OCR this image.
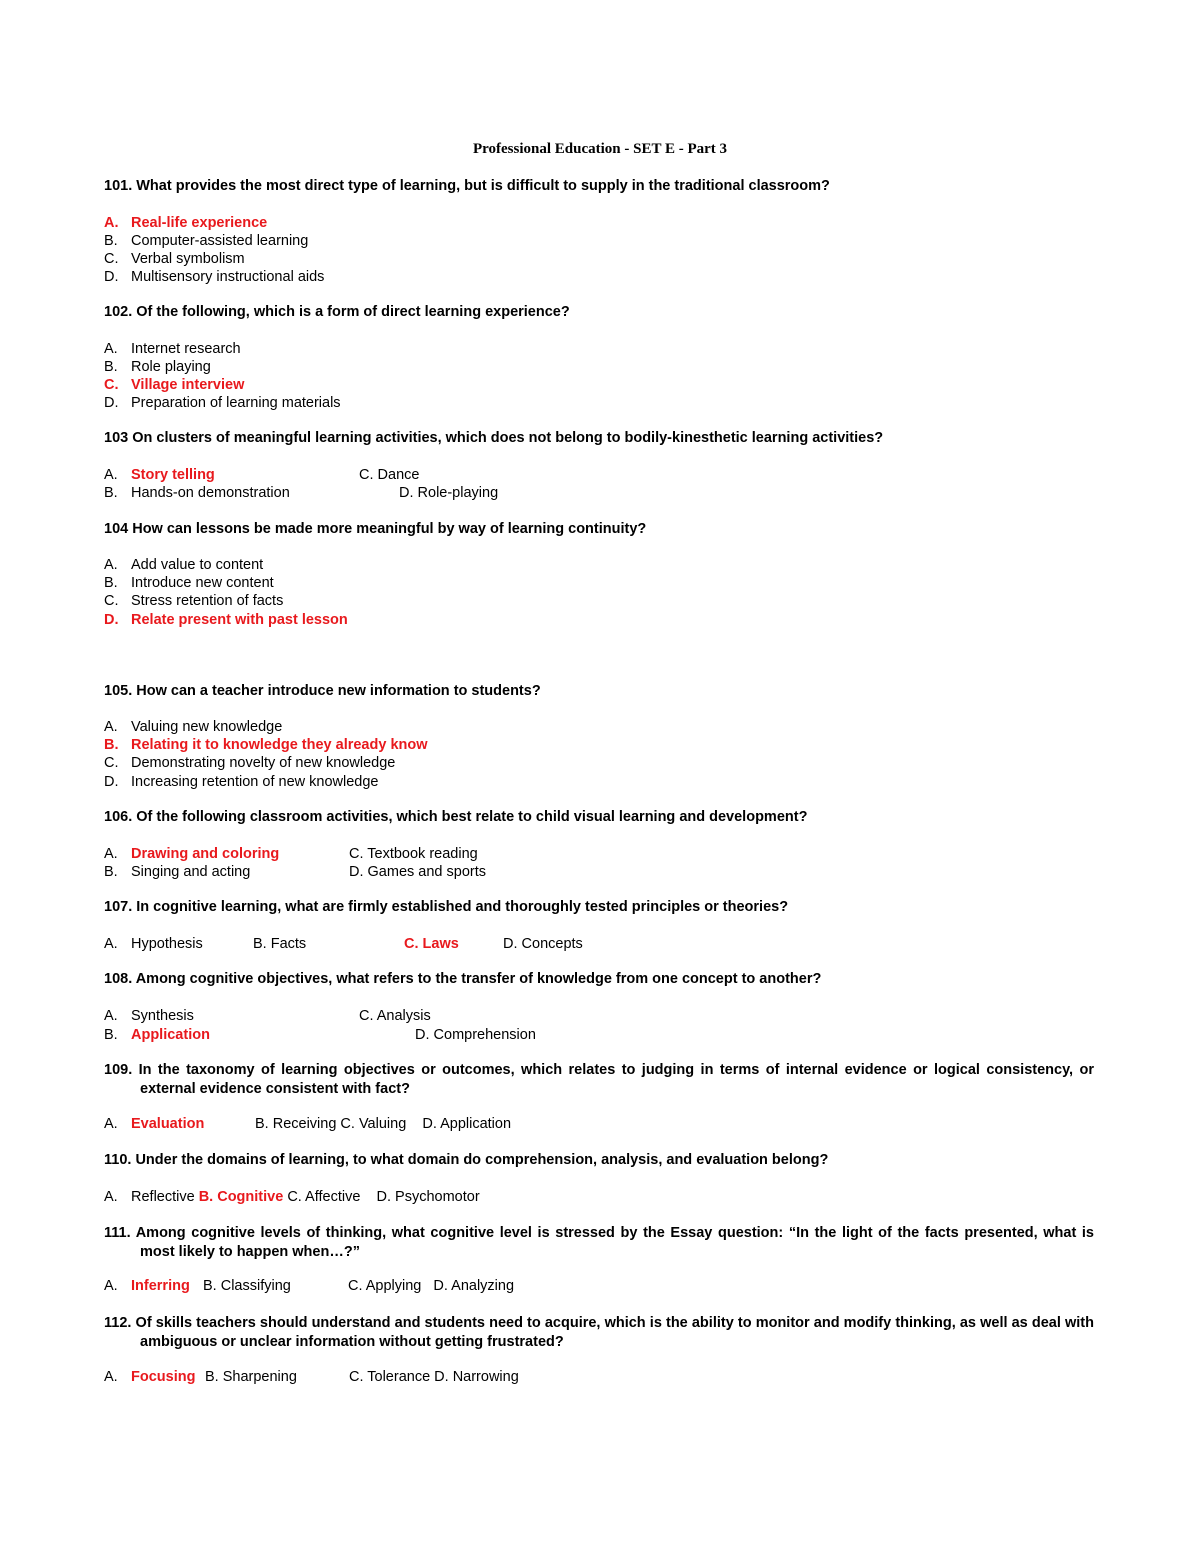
Professional Education - SET E - Part 3
101. What provides the most direct type of learning, but is difficult to supply in the traditional classroom?
A. Real-life experience
B. Computer-assisted learning
C. Verbal symbolism
D. Multisensory instructional aids
102. Of the following, which is a form of direct learning experience?
A. Internet research
B. Role playing
C. Village interview
D. Preparation of learning materials
103 On clusters of meaningful learning activities, which does not belong to bodily-kinesthetic learning activities?
A. Story telling	C. Dance
B. Hands-on demonstration	D. Role-playing
104 How can lessons be made more meaningful by way of learning continuity?
A. Add value to content
B. Introduce new content
C. Stress retention of facts
D. Relate present with past lesson
105. How can a teacher introduce new information to students?
A. Valuing new knowledge
B. Relating it to knowledge they already know
C. Demonstrating novelty of new knowledge
D. Increasing retention of new knowledge
106. Of the following classroom activities, which best relate to child visual learning and development?
A. Drawing and coloring	C. Textbook reading
B. Singing and acting	D. Games and sports
107. In cognitive learning, what are firmly established and thoroughly tested principles or theories?
A. Hypothesis	B. Facts	C. Laws	D. Concepts
108. Among cognitive objectives, what refers to the transfer of knowledge from one concept to another?
A. Synthesis	C. Analysis
B. Application	D. Comprehension
109. In the taxonomy of learning objectives or outcomes, which relates to judging in terms of internal evidence or logical consistency, or external evidence consistent with fact?
A. Evaluation	B. Receiving C. Valuing    D. Application
110. Under the domains of learning, to what domain do comprehension, analysis, and evaluation belong?
A. Reflective B. Cognitive C. Affective    D. Psychomotor
111. Among cognitive levels of thinking, what cognitive level is stressed by the Essay question: “In the light of the facts presented, what is most likely to happen when…?”
A. Inferring B. Classifying	C. Applying   D. Analyzing
112. Of skills teachers should understand and students need to acquire, which is the ability to monitor and modify thinking, as well as deal with ambiguous or unclear information without getting frustrated?
A. Focusing B. Sharpening	C. Tolerance D. Narrowing
